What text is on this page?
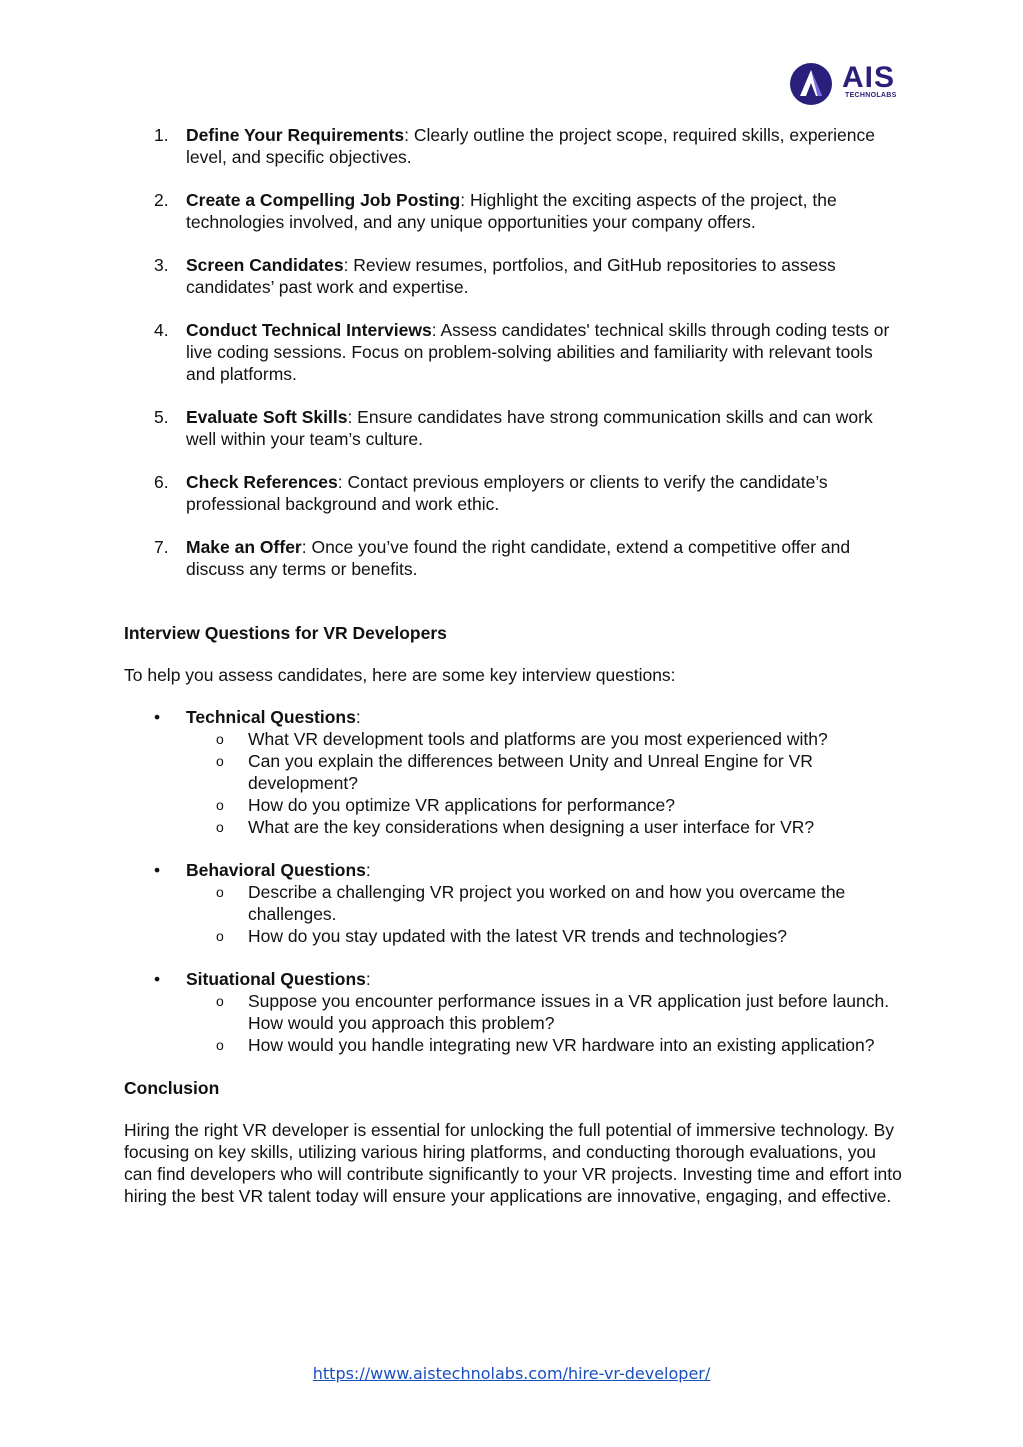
AIS
TECHNOLABS
1. Define Your Requirements: Clearly outline the project scope, required skills, experience level, and specific objectives.
2. Create a Compelling Job Posting: Highlight the exciting aspects of the project, the technologies involved, and any unique opportunities your company offers.
3. Screen Candidates: Review resumes, portfolios, and GitHub repositories to assess candidates’ past work and expertise.
4. Conduct Technical Interviews: Assess candidates' technical skills through coding tests or live coding sessions. Focus on problem-solving abilities and familiarity with relevant tools and platforms.
5. Evaluate Soft Skills: Ensure candidates have strong communication skills and can work well within your team’s culture.
6. Check References: Contact previous employers or clients to verify the candidate’s professional background and work ethic.
7. Make an Offer: Once you’ve found the right candidate, extend a competitive offer and discuss any terms or benefits.

Interview Questions for VR Developers

To help you assess candidates, here are some key interview questions:

• Technical Questions:
o What VR development tools and platforms are you most experienced with?
o Can you explain the differences between Unity and Unreal Engine for VR development?
o How do you optimize VR applications for performance?
o What are the key considerations when designing a user interface for VR?
• Behavioral Questions:
o Describe a challenging VR project you worked on and how you overcame the challenges.
o How do you stay updated with the latest VR trends and technologies?
• Situational Questions:
o Suppose you encounter performance issues in a VR application just before launch. How would you approach this problem?
o How would you handle integrating new VR hardware into an existing application?

Conclusion

Hiring the right VR developer is essential for unlocking the full potential of immersive technology. By focusing on key skills, utilizing various hiring platforms, and conducting thorough evaluations, you can find developers who will contribute significantly to your VR projects. Investing time and effort into hiring the best VR talent today will ensure your applications are innovative, engaging, and effective.

https://www.aistechnolabs.com/hire-vr-developer/
